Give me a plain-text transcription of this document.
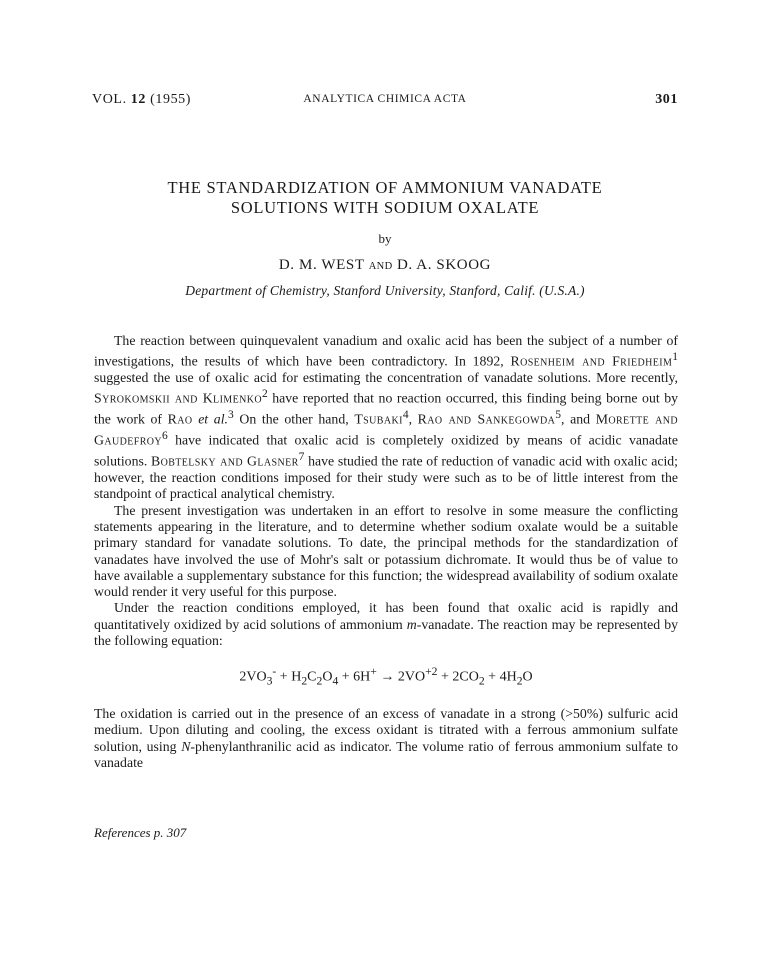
VOL. 12 (1955)	ANALYTICA CHIMICA ACTA	301
THE STANDARDIZATION OF AMMONIUM VANADATE
SOLUTIONS WITH SODIUM OXALATE
by
D. M. WEST AND D. A. SKOOG
Department of Chemistry, Stanford University, Stanford, Calif. (U.S.A.)

The reaction between quinquevalent vanadium and oxalic acid has been the subject of a number of investigations, the results of which have been contradictory. In 1892, Rosenheim and Friedheim$^1$ suggested the use of oxalic acid for estimating the concentration of vanadate solutions. More recently, Syrokomskii and Klimenko$^2$ have reported that no reaction occurred, this finding being borne out by the work of Rao et al.$^3$ On the other hand, Tsubaki$^4$, Rao and Sankegowda$^5$, and Morette and Gaudefroy$^6$ have indicated that oxalic acid is completely oxidized by means of acidic vanadate solutions. Bobtelsky and Glasner$^7$ have studied the rate of reduction of vanadic acid with oxalic acid; however, the reaction conditions imposed for their study were such as to be of little interest from the standpoint of practical analytical chemistry.

The present investigation was undertaken in an effort to resolve in some measure the conflicting statements appearing in the literature, and to determine whether sodium oxalate would be a suitable primary standard for vanadate solutions. To date, the principal methods for the standardization of vanadates have involved the use of Mohr's salt or potassium dichromate. It would thus be of value to have available a supplementary substance for this function; the widespread availability of sodium oxalate would render it very useful for this purpose.

Under the reaction conditions employed, it has been found that oxalic acid is rapidly and quantitatively oxidized by acid solutions of ammonium m-vanadate. The reaction may be represented by the following equation:

$2VO_3^- + H_2C_2O_4 + 6H^+ \to 2VO^{+2} + 2CO_2 + 4H_2O$

The oxidation is carried out in the presence of an excess of vanadate in a strong (>50%) sulfuric acid medium. Upon diluting and cooling, the excess oxidant is titrated with a ferrous ammonium sulfate solution, using N-phenylanthranilic acid as indicator. The volume ratio of ferrous ammonium sulfate to vanadate

References p. 307
